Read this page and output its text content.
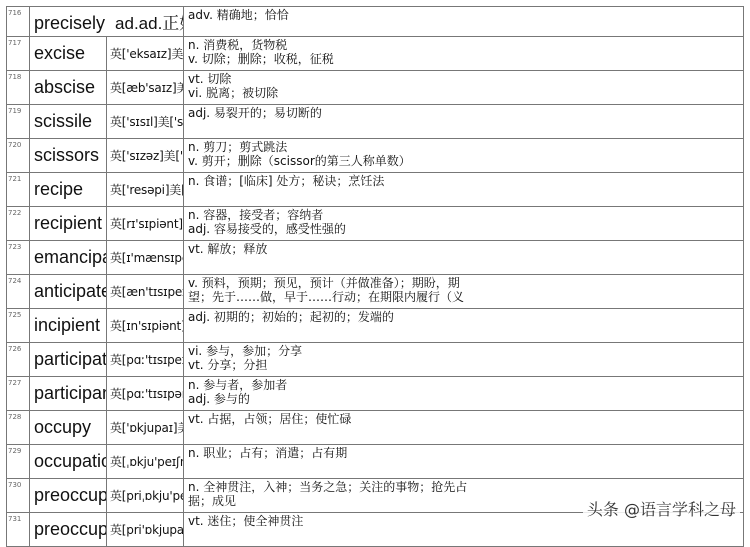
716	precisely ad.ad.正		adv. 精确地；恰恰

717	excise	英['eksaɪz]美	n. 消费税，货物税
v. 切除；删除；收税，征税

718	abscise	英[æb'saɪz]	vt. 切除
vi. 脱离；被切除

719	scissile	英['sɪsɪl]美['s	adj. 易裂开的；易切断的

720	scissors	英['sɪzəz]美['	n. 剪刀；剪式跳法
v. 剪开；删除（scissor的第三人称单数）

721	recipe	英['resəpi]美	n. 食谱；[临床] 处方；秘诀；烹饪法

722	recipient	英[rɪ'sɪpiənt]	n. 容器，接受者；容纳者
adj. 容易接受的，感受性强的

723	emancip	英[ɪ'mænsɪp	vt. 解放；释放

724	anticipate	英[æn'tɪsɪpe	v. 预料，预期；预见，预计（并做准备）；期盼，期
望；先于……做，早于……行动；在期限内履行（义

725	incipient	英[ɪn'sɪpiənt]	adj. 初期的；初始的；起初的；发端的

726	participa	英[pɑː'tɪsɪpe	vi. 参与，参加；分享
vt. 分享；分担

727	participa	英[pɑː'tɪsɪpə	n. 参与者，参加者
adj. 参与的

728	occupy	英['ɒkjupaɪ]	vt. 占据，占领；居住；使忙碌

729	occupati	英[ˌɒkju'peɪʃ	n. 职业；占有；消遣；占有期

730	preoccu	英[priˌɒkju'p	n. 全神贯注，入神；当务之急；关注的事物；抢先占
据；成见

731	preoccu	英[pri'ɒkjupa	vt. 迷住；使全神贯注	头条 @语言学科之母
